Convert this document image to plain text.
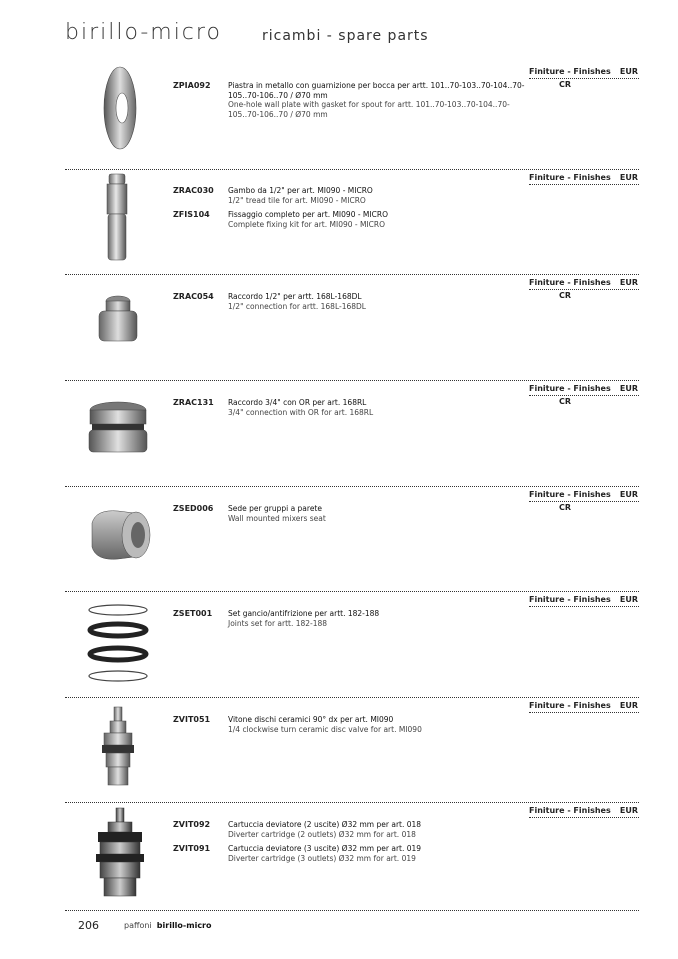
birillo-micro	ricambi - spare parts
Finiture - Finishes EUR
CR
ZPIA092 Piastra in metallo con guarnizione per bocca per artt. 101..70-103..70-104..70-105..70-106..70 / Ø70 mm
One-hole wall plate with gasket for spout for artt. 101..70-103..70-104..70-105..70-106..70 / Ø70 mm
Finiture - Finishes EUR
ZRAC030 Gambo da 1/2" per art. MI090 - MICRO
1/2" tread tile for art. MI090 - MICRO
ZFIS104 Fissaggio completo per art. MI090 - MICRO
Complete fixing kit for art. MI090 - MICRO
Finiture - Finishes EUR
CR
ZRAC054 Raccordo 1/2" per artt. 168L-168DL
1/2" connection for artt. 168L-168DL
Finiture - Finishes EUR
CR
ZRAC131 Raccordo 3/4" con OR per art. 168RL
3/4" connection with OR for art. 168RL
Finiture - Finishes EUR
CR
ZSED006 Sede per gruppi a parete
Wall mounted mixers seat
Finiture - Finishes EUR
ZSET001 Set gancio/antifrizione per artt. 182-188
Joints set for artt. 182-188
Finiture - Finishes EUR
ZVIT051 Vitone dischi ceramici 90° dx per art. MI090
1/4 clockwise turn ceramic disc valve for art. MI090
Finiture - Finishes EUR
ZVIT092 Cartuccia deviatore (2 uscite) Ø32 mm per art. 018
Diverter cartridge (2 outlets) Ø32 mm for art. 018
ZVIT091 Cartuccia deviatore (3 uscite) Ø32 mm per art. 019
Diverter cartridge (3 outlets) Ø32 mm for art. 019
206	paffoni birillo-micro
